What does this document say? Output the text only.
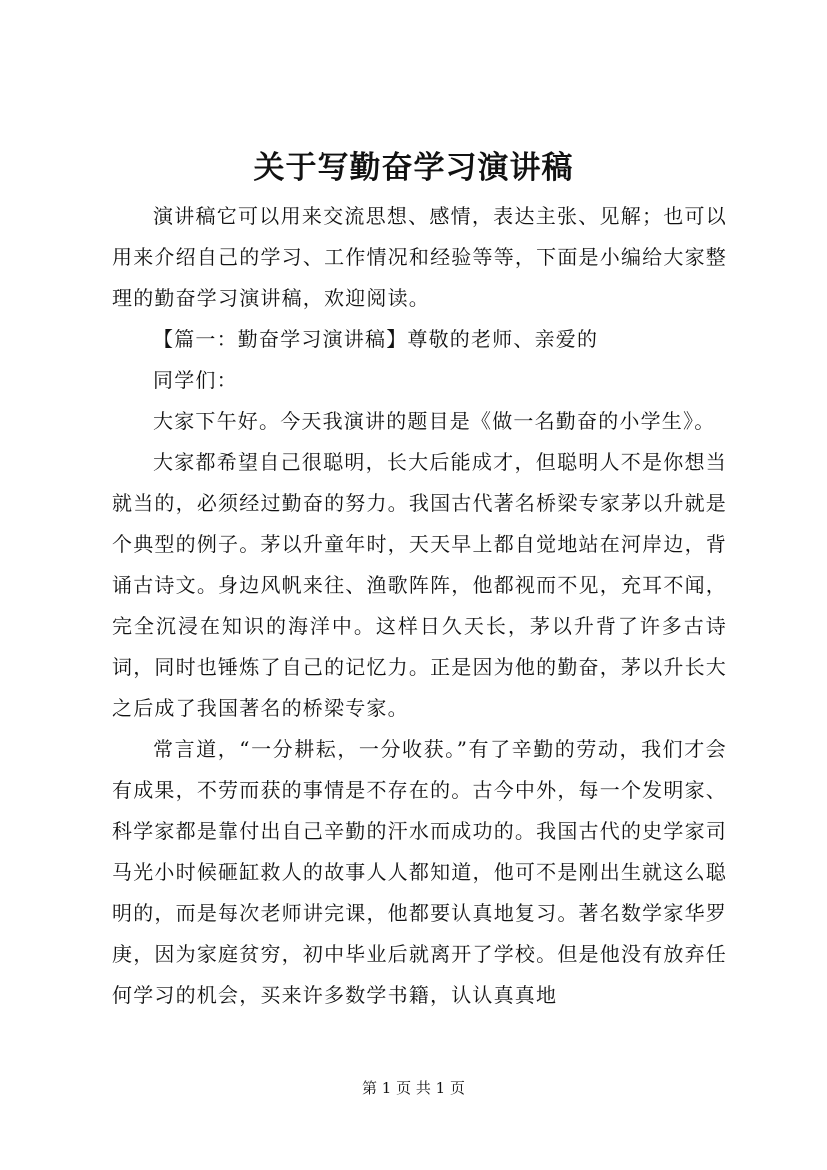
关于写勤奋学习演讲稿

演讲稿它可以用来交流思想、感情，表达主张、见解；也可以用来介绍自己的学习、工作情况和经验等等，下面是小编给大家整理的勤奋学习演讲稿，欢迎阅读。

【篇一：勤奋学习演讲稿】尊敬的老师、亲爱的

同学们：

大家下午好。今天我演讲的题目是《做一名勤奋的小学生》。

大家都希望自己很聪明，长大后能成才，但聪明人不是你想当就当的，必须经过勤奋的努力。我国古代著名桥梁专家茅以升就是个典型的例子。茅以升童年时，天天早上都自觉地站在河岸边，背诵古诗文。身边风帆来往、渔歌阵阵，他都视而不见，充耳不闻，完全沉浸在知识的海洋中。这样日久天长，茅以升背了许多古诗词，同时也锤炼了自己的记忆力。正是因为他的勤奋，茅以升长大之后成了我国著名的桥梁专家。

常言道，“一分耕耘，一分收获。”有了辛勤的劳动，我们才会有成果，不劳而获的事情是不存在的。古今中外，每一个发明家、科学家都是靠付出自己辛勤的汗水而成功的。我国古代的史学家司马光小时候砸缸救人的故事人人都知道，他可不是刚出生就这么聪明的，而是每次老师讲完课，他都要认真地复习。著名数学家华罗庚，因为家庭贫穷，初中毕业后就离开了学校。但是他没有放弃任何学习的机会，买来许多数学书籍，认认真真地

第 1 页 共 1 页
